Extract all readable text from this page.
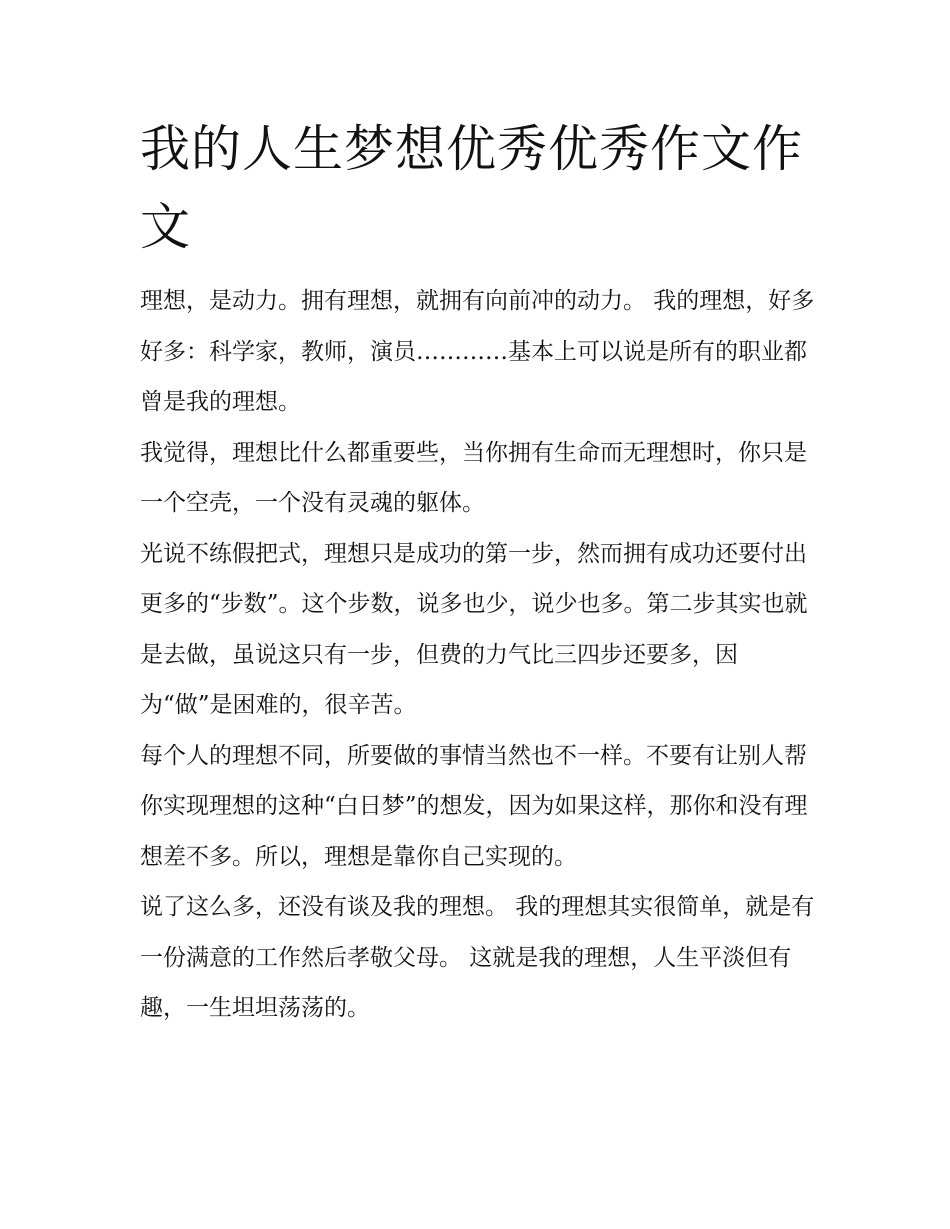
我的人生梦想优秀优秀作文作文

理想，是动力。拥有理想，就拥有向前冲的动力。 我的理想，好多好多：科学家，教师，演员…………基本上可以说是所有的职业都曾是我的理想。

我觉得，理想比什么都重要些，当你拥有生命而无理想时，你只是一个空壳，一个没有灵魂的躯体。

光说不练假把式，理想只是成功的第一步，然而拥有成功还要付出更多的“步数”。这个步数，说多也少，说少也多。第二步其实也就是去做，虽说这只有一步，但费的力气比三四步还要多，因为“做”是困难的，很辛苦。

每个人的理想不同，所要做的事情当然也不一样。不要有让别人帮你实现理想的这种“白日梦”的想发，因为如果这样，那你和没有理想差不多。所以，理想是靠你自己实现的。

说了这么多，还没有谈及我的理想。 我的理想其实很简单，就是有一份满意的工作然后孝敬父母。 这就是我的理想，人生平淡但有趣，一生坦坦荡荡的。
